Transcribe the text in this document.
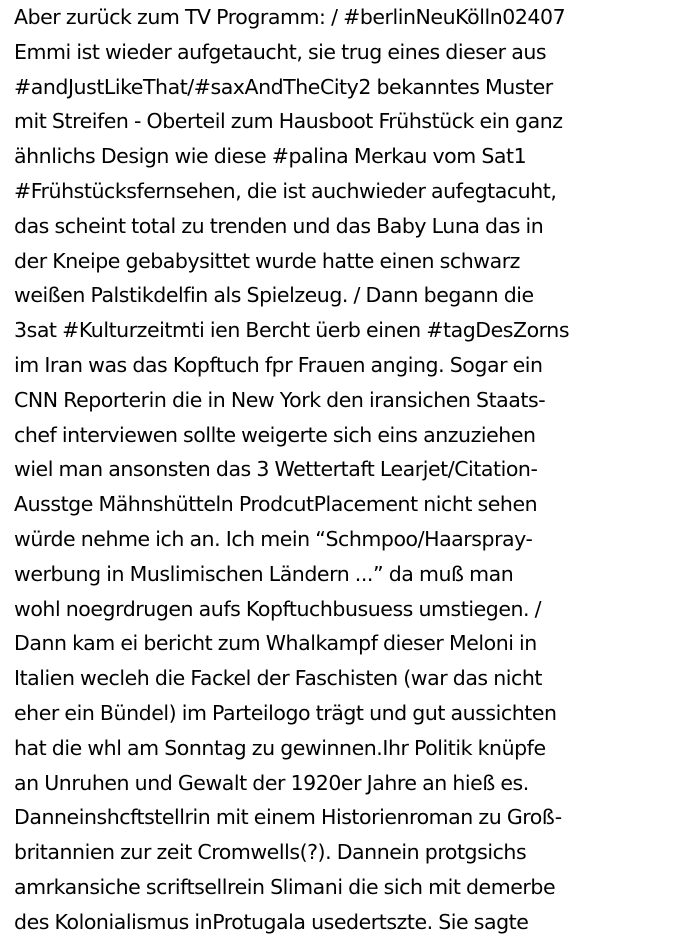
Aber zurück zum TV Programm: / #berlinNeuKölln02407
Emmi ist wieder aufgetaucht, sie trug eines dieser aus
#andJustLikeThat/#saxAndTheCity2 bekanntes Muster
mit Streifen - Oberteil zum Hausboot Frühstück ein ganz
ähnlichs Design wie diese #palina Merkau vom Sat1
#Frühstücksfernsehen, die ist auchwieder aufegtacuht,
das scheint total zu trenden und das Baby Luna das in
der Kneipe gebabysittet wurde hatte einen schwarz
weißen Palstikdelfin als Spielzeug. / Dann begann die
3sat #Kulturzeitmti ien Bercht üerb einen #tagDesZorns
im Iran was das Kopftuch fpr Frauen anging. Sogar ein
CNN Reporterin die in New York den iransichen Staats-
chef interviewen sollte weigerte sich eins anzuziehen
wiel man ansonsten das 3 Wettertaft Learjet/Citation-
Ausstge Mähnshütteln ProdcutPlacement nicht sehen
würde nehme ich an. Ich mein “Schmpoo/Haarspray-
werbung in Muslimischen Ländern ...” da muß man
wohl noegrdrugen aufs Kopftuchbusuess umstiegen. /
Dann kam ei bericht zum Whalkampf dieser Meloni in
Italien wecleh die Fackel der Faschisten (war das nicht
eher ein Bündel) im Parteilogo trägt und gut aussichten
hat die whl am Sonntag zu gewinnen.Ihr Politik knüpfe
an Unruhen und Gewalt der 1920er Jahre an hieß es.
Danneinshcftstellrin mit einem Historienroman zu Groß-
britannien zur zeit Cromwells(?). Dannein protgsichs
amrkansiche scriftsellrein Slimani die sich mit demerbe
des Kolonialismus inProtugala usedertszte. Sie sagte
